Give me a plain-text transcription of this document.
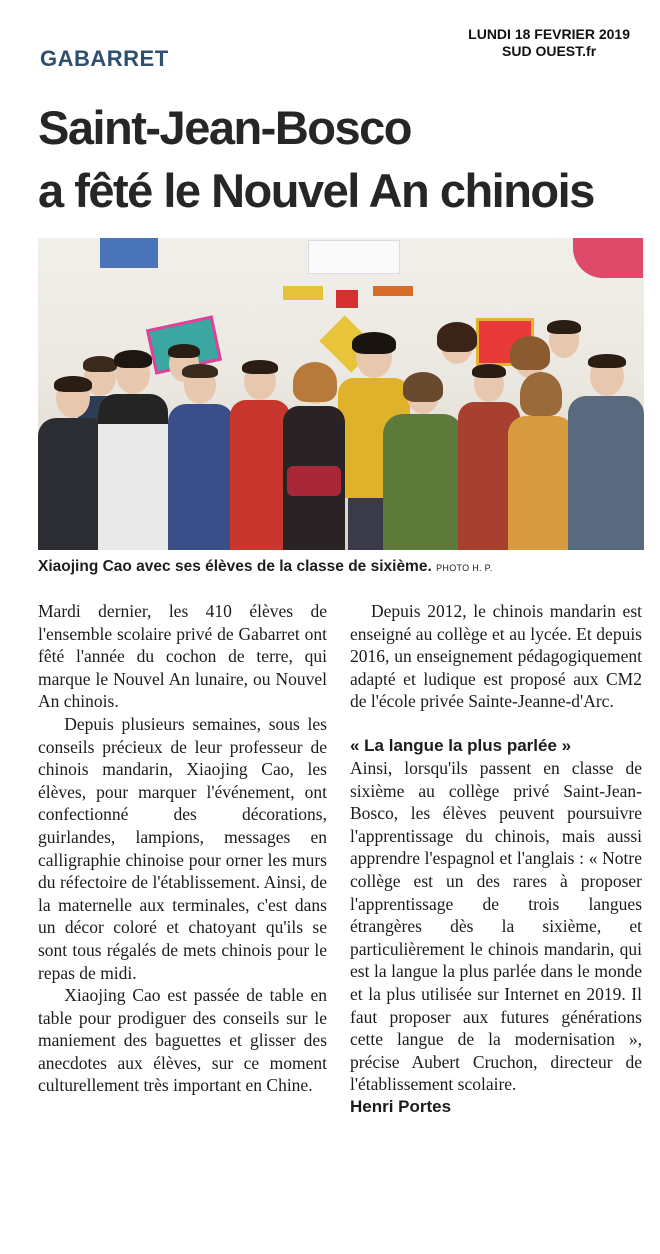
LUNDI 18 FEVRIER 2019
SUD OUEST.fr
GABARRET
Saint-Jean-Bosco
a fêté le Nouvel An chinois
Xiaojing Cao avec ses élèves de la classe de sixième. PHOTO H. P.

Mardi dernier, les 410 élèves de l'ensemble scolaire privé de Gabarret ont fêté l'année du cochon de terre, qui marque le Nouvel An lunaire, ou Nouvel An chinois.

Depuis plusieurs semaines, sous les conseils précieux de leur professeur de chinois mandarin, Xiaojing Cao, les élèves, pour marquer l'événement, ont confectionné des décorations, guirlandes, lampions, messages en calligraphie chinoise pour orner les murs du réfectoire de l'établissement. Ainsi, de la maternelle aux terminales, c'est dans un décor coloré et chatoyant qu'ils se sont tous régalés de mets chinois pour le repas de midi.

Xiaojing Cao est passée de table en table pour prodiguer des conseils sur le maniement des baguettes et glisser des anecdotes aux élèves, sur ce moment culturellement très important en Chine.

Depuis 2012, le chinois mandarin est enseigné au collège et au lycée. Et depuis 2016, un enseignement pédagogiquement adapté et ludique est proposé aux CM2 de l'école privée Sainte-Jeanne-d'Arc.

« La langue la plus parlée »

Ainsi, lorsqu'ils passent en classe de sixième au collège privé Saint-Jean-Bosco, les élèves peuvent poursuivre l'apprentissage du chinois, mais aussi apprendre l'espagnol et l'anglais : « Notre collège est un des rares à proposer l'apprentissage de trois langues étrangères dès la sixième, et particulièrement le chinois mandarin, qui est la langue la plus parlée dans le monde et la plus utilisée sur Internet en 2019. Il faut proposer aux futures générations cette langue de la modernisation », précise Aubert Cruchon, directeur de l'établissement scolaire.

Henri Portes
